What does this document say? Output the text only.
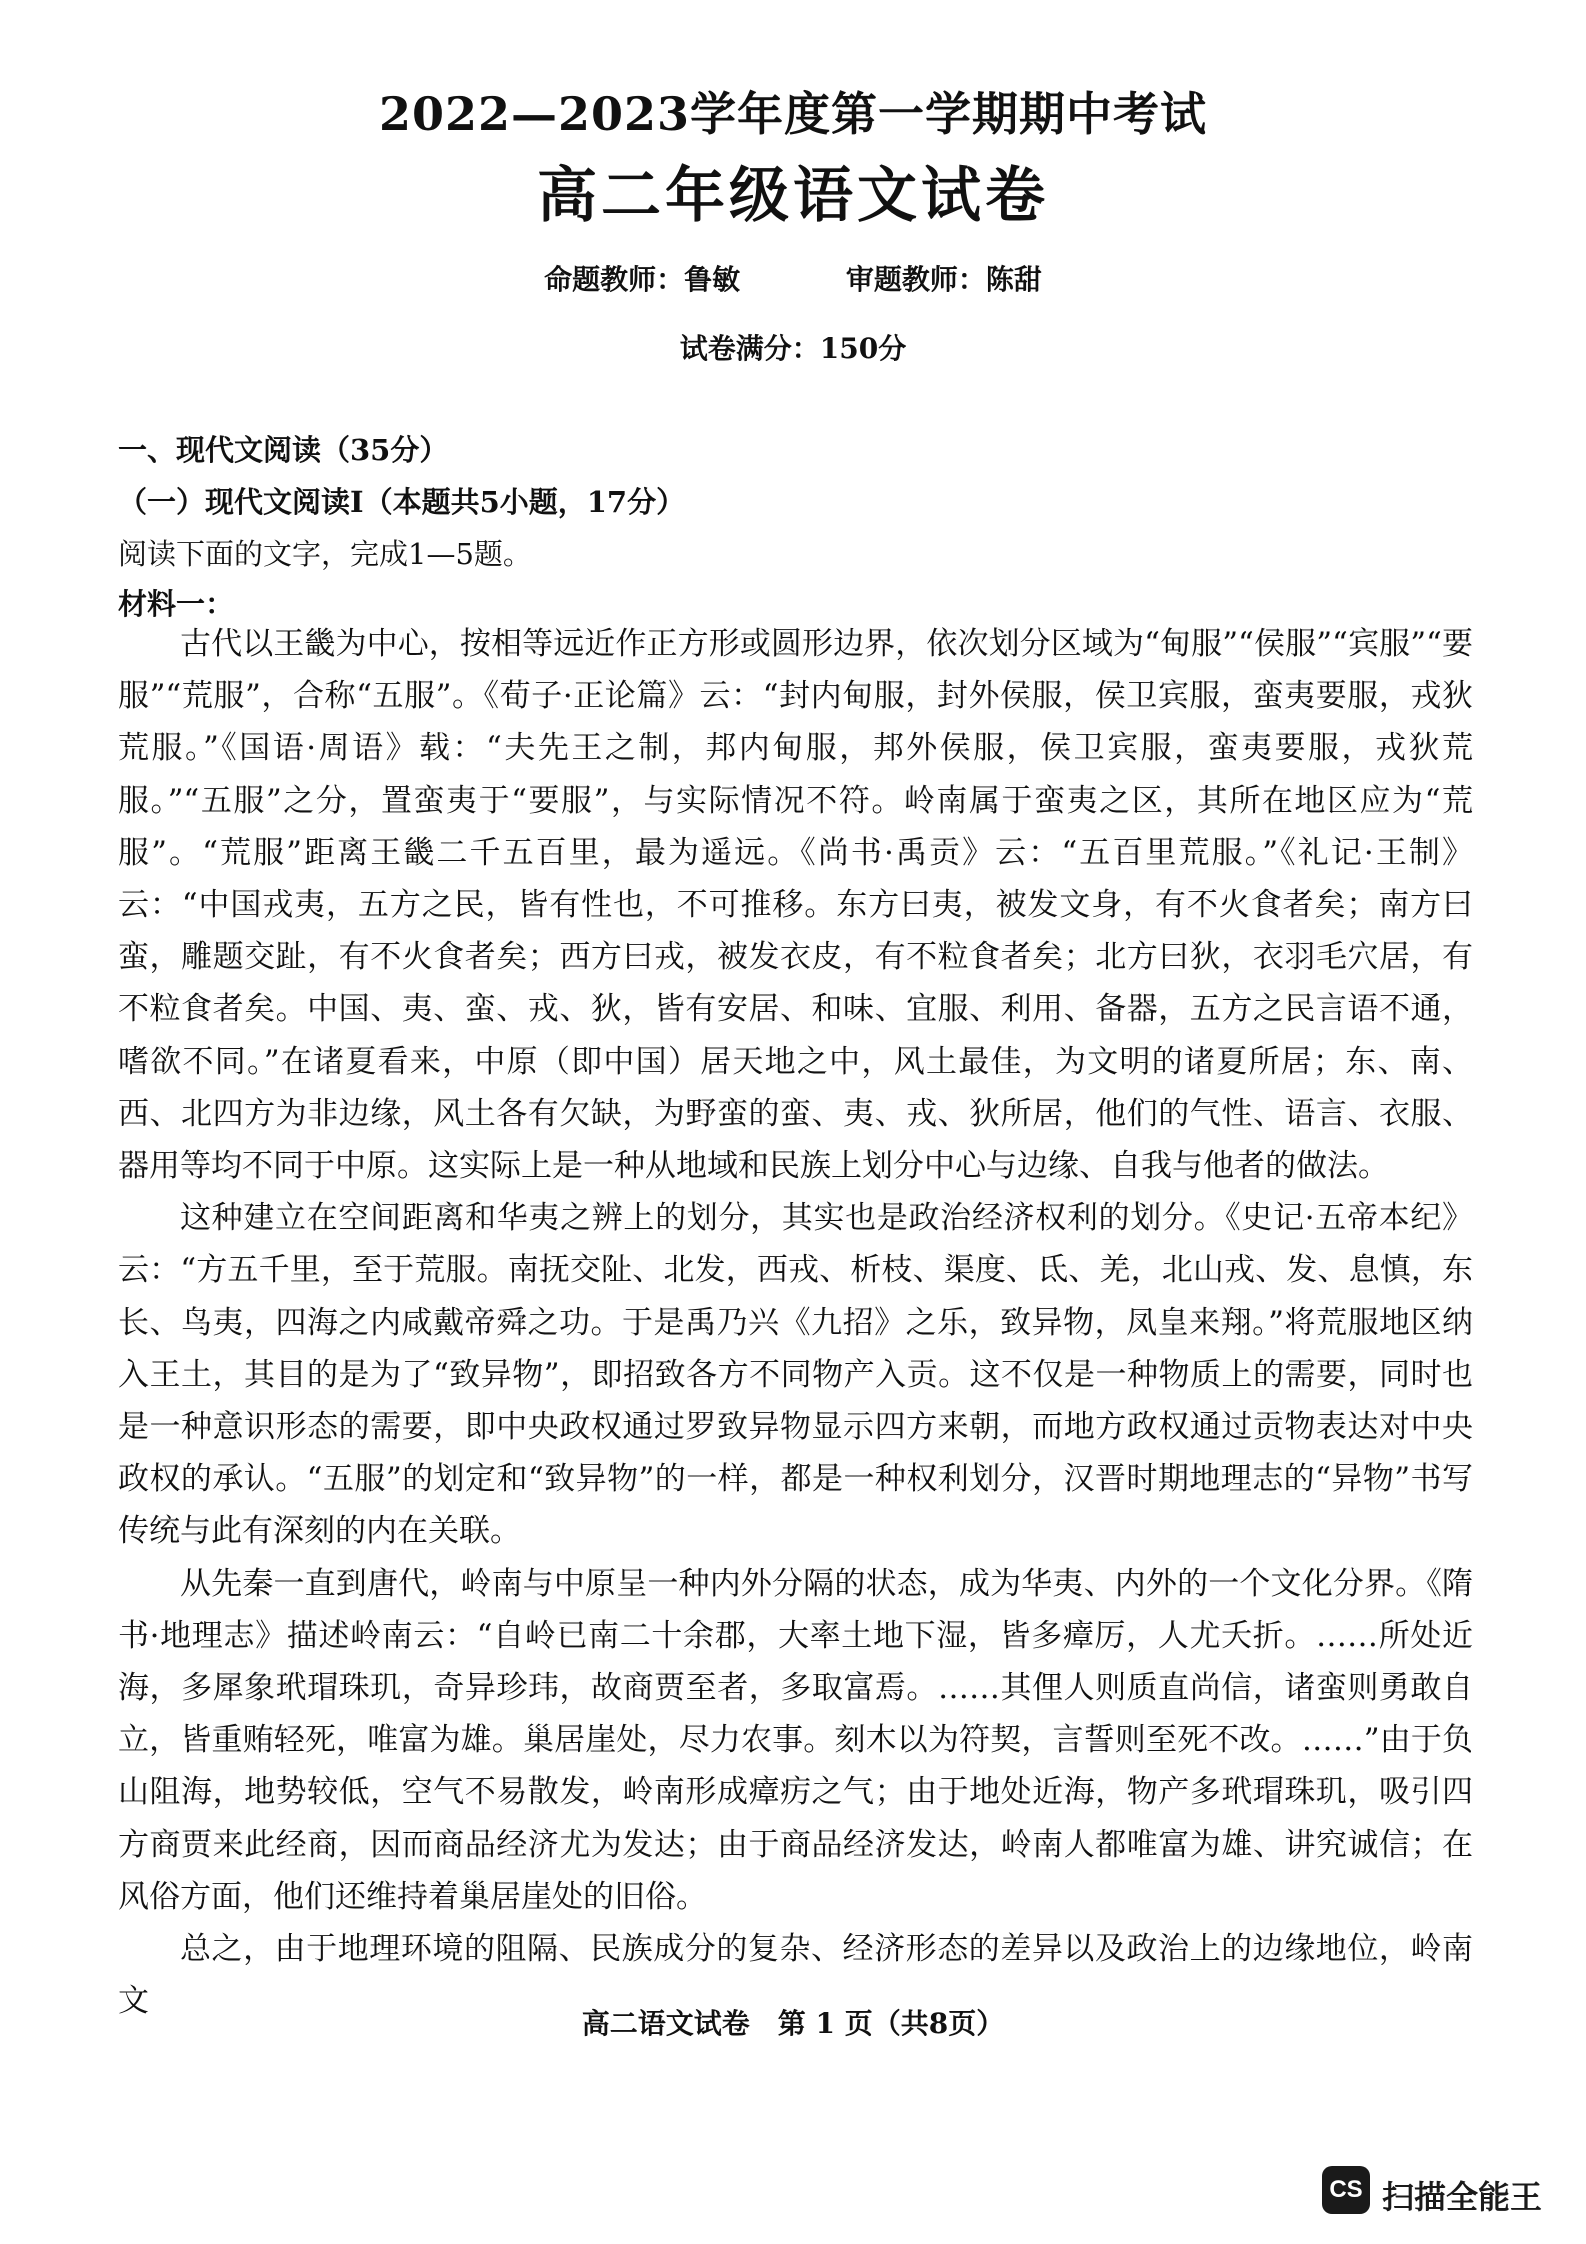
2022—2023学年度第一学期期中考试
高二年级语文试卷
命题教师：鲁敏	审题教师：陈甜
试卷满分：150分
一、现代文阅读（35分）
（一）现代文阅读Ⅰ（本题共5小题，17分）
阅读下面的文字，完成1—5题。
材料一：

古代以王畿为中心，按相等远近作正方形或圆形边界，依次划分区域为“甸服”“侯服”“宾服”“要服”“荒服”，合称“五服”。《荀子·正论篇》云：“封内甸服，封外侯服，侯卫宾服，蛮夷要服，戎狄荒服。”《国语·周语》载：“夫先王之制，邦内甸服，邦外侯服，侯卫宾服，蛮夷要服，戎狄荒服。”“五服”之分，置蛮夷于“要服”，与实际情况不符。岭南属于蛮夷之区，其所在地区应为“荒服”。“荒服”距离王畿二千五百里，最为遥远。《尚书·禹贡》云：“五百里荒服。”《礼记·王制》云：“中国戎夷，五方之民，皆有性也，不可推移。东方曰夷，被发文身，有不火食者矣；南方曰蛮，雕题交趾，有不火食者矣；西方曰戎，被发衣皮，有不粒食者矣；北方曰狄，衣羽毛穴居，有不粒食者矣。中国、夷、蛮、戎、狄，皆有安居、和味、宜服、利用、备器，五方之民言语不通，嗜欲不同。”在诸夏看来，中原（即中国）居天地之中，风土最佳，为文明的诸夏所居；东、南、西、北四方为非边缘，风土各有欠缺，为野蛮的蛮、夷、戎、狄所居，他们的气性、语言、衣服、器用等均不同于中原。这实际上是一种从地域和民族上划分中心与边缘、自我与他者的做法。

这种建立在空间距离和华夷之辨上的划分，其实也是政治经济权利的划分。《史记·五帝本纪》云：“方五千里，至于荒服。南抚交阯、北发，西戎、析枝、渠度、氐、羌，北山戎、发、息慎，东长、鸟夷，四海之内咸戴帝舜之功。于是禹乃兴《九招》之乐，致异物，凤皇来翔。”将荒服地区纳入王土，其目的是为了“致异物”，即招致各方不同物产入贡。这不仅是一种物质上的需要，同时也是一种意识形态的需要，即中央政权通过罗致异物显示四方来朝，而地方政权通过贡物表达对中央政权的承认。“五服”的划定和“致异物”的一样，都是一种权利划分，汉晋时期地理志的“异物”书写传统与此有深刻的内在关联。

从先秦一直到唐代，岭南与中原呈一种内外分隔的状态，成为华夷、内外的一个文化分界。《隋书·地理志》描述岭南云：“自岭已南二十余郡，大率土地下湿，皆多瘴厉，人尤夭折。……所处近海，多犀象玳瑁珠玑，奇异珍玮，故商贾至者，多取富焉。……其俚人则质直尚信，诸蛮则勇敢自立，皆重贿轻死，唯富为雄。巢居崖处，尽力农事。刻木以为符契，言誓则至死不改。……”由于负山阻海，地势较低，空气不易散发，岭南形成瘴疠之气；由于地处近海，物产多玳瑁珠玑，吸引四方商贾来此经商，因而商品经济尤为发达；由于商品经济发达，岭南人都唯富为雄、讲究诚信；在风俗方面，他们还维持着巢居崖处的旧俗。

总之，由于地理环境的阻隔、民族成分的复杂、经济形态的差异以及政治上的边缘地位，岭南文

高二语文试卷　第 1 页（共8页）
CS 扫描全能王
